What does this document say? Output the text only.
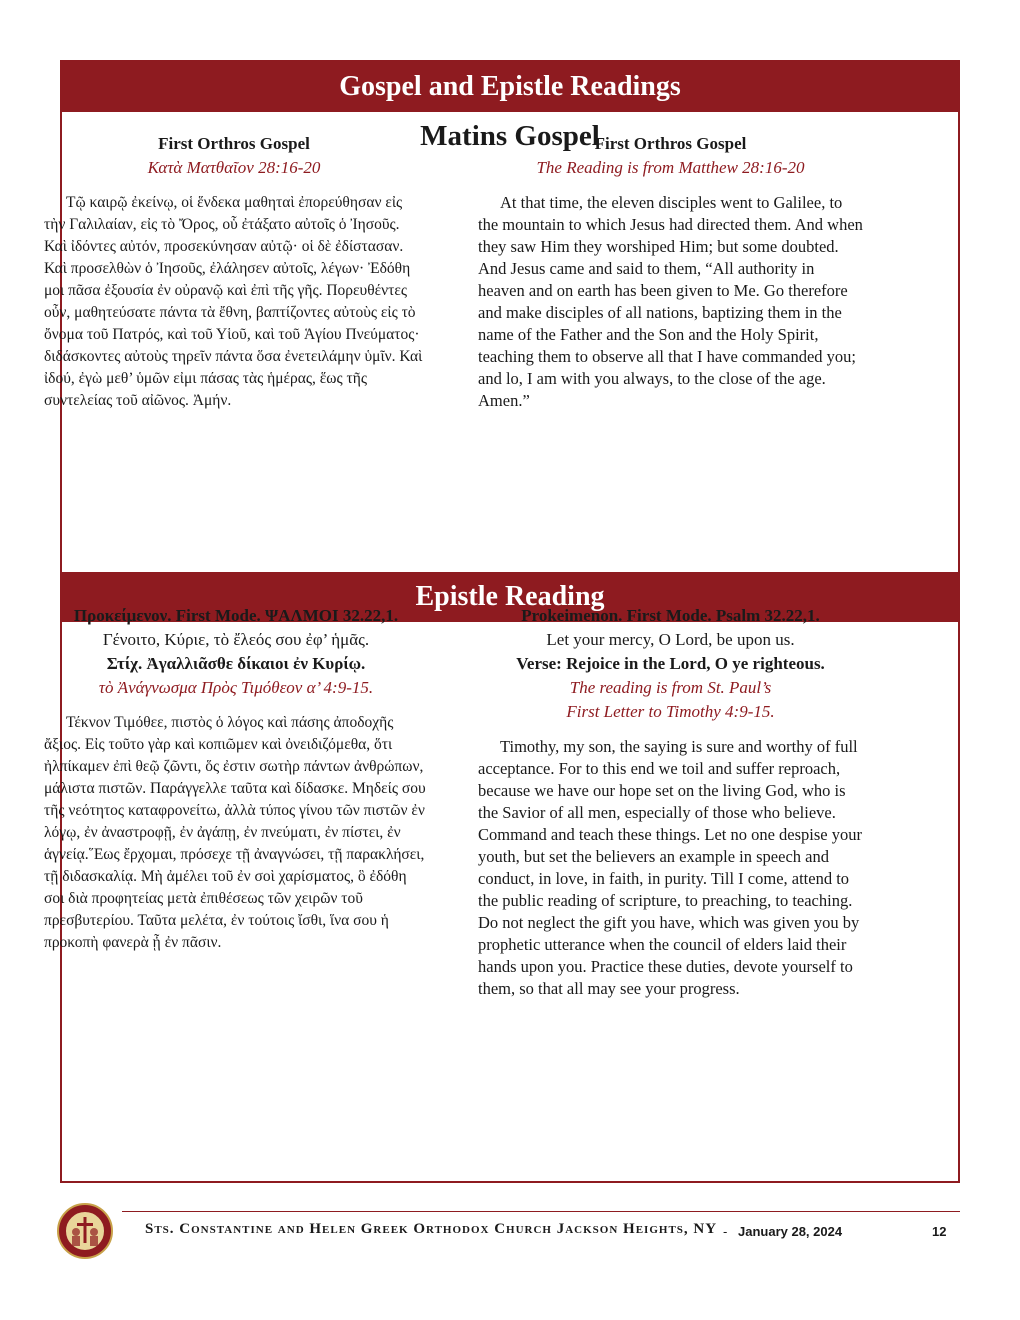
Gospel and Epistle Readings
Matins Gospel
Epistle Reading
First Orthros Gospel
Κατὰ Ματθαῖον 28:16-20
Τῷ καιρῷ ἐκείνῳ, οἱ ἕνδεκα μαθηταὶ ἐπορεύθησαν εἰς τὴν Γαλιλαίαν, εἰς τὸ Ὄρος, οὗ ἐτάξατο αὐτοῖς ὁ Ἰησοῦς. Καὶ ἰδόντες αὐτόν, προσεκύνησαν αὐτῷ· οἱ δὲ ἐδίστασαν. Καὶ προσελθὼν ὁ Ἰησοῦς, ἐλάλησεν αὐτοῖς, λέγων· Ἐδόθη μοι πᾶσα ἐξουσία ἐν οὐρανῷ καὶ ἐπὶ τῆς γῆς. Πορευθέντες οὖν, μαθητεύσατε πάντα τὰ ἔθνη, βαπτίζοντες αὐτοὺς εἰς τὸ ὄνομα τοῦ Πατρός, καὶ τοῦ Υἱοῦ, καὶ τοῦ Ἁγίου Πνεύματος· διδάσκοντες αὐτοὺς τηρεῖν πάντα ὅσα ἐνετειλάμην ὑμῖν. Καὶ ἰδού, ἐγὼ μεθ’ ὑμῶν εἰμι πάσας τὰς ἡμέρας, ἕως τῆς συντελείας τοῦ αἰῶνος. Ἀμήν.
First Orthros Gospel
The Reading is from Matthew 28:16-20
At that time, the eleven disciples went to Galilee, to the mountain to which Jesus had directed them. And when they saw Him they worshiped Him; but some doubted. And Jesus came and said to them, “All authority in heaven and on earth has been given to Me. Go therefore and make disciples of all nations, baptizing them in the name of the Father and the Son and the Holy Spirit, teaching them to observe all that I have commanded you; and lo, I am with you always, to the close of the age. Amen.”
Προκείμενον. First Mode. ΨΑΛΜΟΙ 32.22,1.
Γένοιτο, Κύριε, τὸ ἔλεός σου ἐφ’ ἡμᾶς.
Στίχ. Ἀγαλλιᾶσθε δίκαιοι ἐν Κυρίῳ.
τὸ Ἀνάγνωσμα Πρὸς Τιμόθεον α’ 4:9-15.
Τέκνον Τιμόθεε, πιστὸς ὁ λόγος καὶ πάσης ἀποδοχῆς ἄξιος. Εἰς τοῦτο γὰρ καὶ κοπιῶμεν καὶ ὀνειδιζόμεθα, ὅτι ἠλπίκαμεν ἐπὶ θεῷ ζῶντι, ὅς ἐστιν σωτὴρ πάντων ἀνθρώπων, μάλιστα πιστῶν. Παράγγελλε ταῦτα καὶ δίδασκε. Μηδείς σου τῆς νεότητος καταφρονείτω, ἀλλὰ τύπος γίνου τῶν πιστῶν ἐν λόγῳ, ἐν ἀναστροφῇ, ἐν ἀγάπῃ, ἐν πνεύματι, ἐν πίστει, ἐν ἁγνείᾳ.῞Εως ἔρχομαι, πρόσεχε τῇ ἀναγνώσει, τῇ παρακλήσει, τῇ διδασκαλίᾳ. Μὴ ἀμέλει τοῦ ἐν σοὶ χαρίσματος, ὃ ἐδόθη σοι διὰ προφητείας μετὰ ἐπιθέσεως τῶν χειρῶν τοῦ πρεσβυτερίου. Ταῦτα μελέτα, ἐν τούτοις ἴσθι, ἵνα σου ἡ προκοπὴ φανερὰ ᾖ ἐν πᾶσιν.
Prokeimenon. First Mode. Psalm 32.22,1.
Let your mercy, O Lord, be upon us.
Verse: Rejoice in the Lord, O ye righteous.
The reading is from St. Paul’s
First Letter to Timothy 4:9-15.
Timothy, my son, the saying is sure and worthy of full acceptance. For to this end we toil and suffer reproach, because we have our hope set on the living God, who is the Savior of all men, especially of those who believe. Command and teach these things. Let no one despise your youth, but set the believers an example in speech and conduct, in love, in faith, in purity. Till I come, attend to the public reading of scripture, to preaching, to teaching. Do not neglect the gift you have, which was given you by prophetic utterance when the council of elders laid their hands upon you. Practice these duties, devote yourself to them, so that all may see your progress.
Sts. Constantine and Helen Greek Orthodox Church Jackson Heights, NY - January 28, 2024	12
